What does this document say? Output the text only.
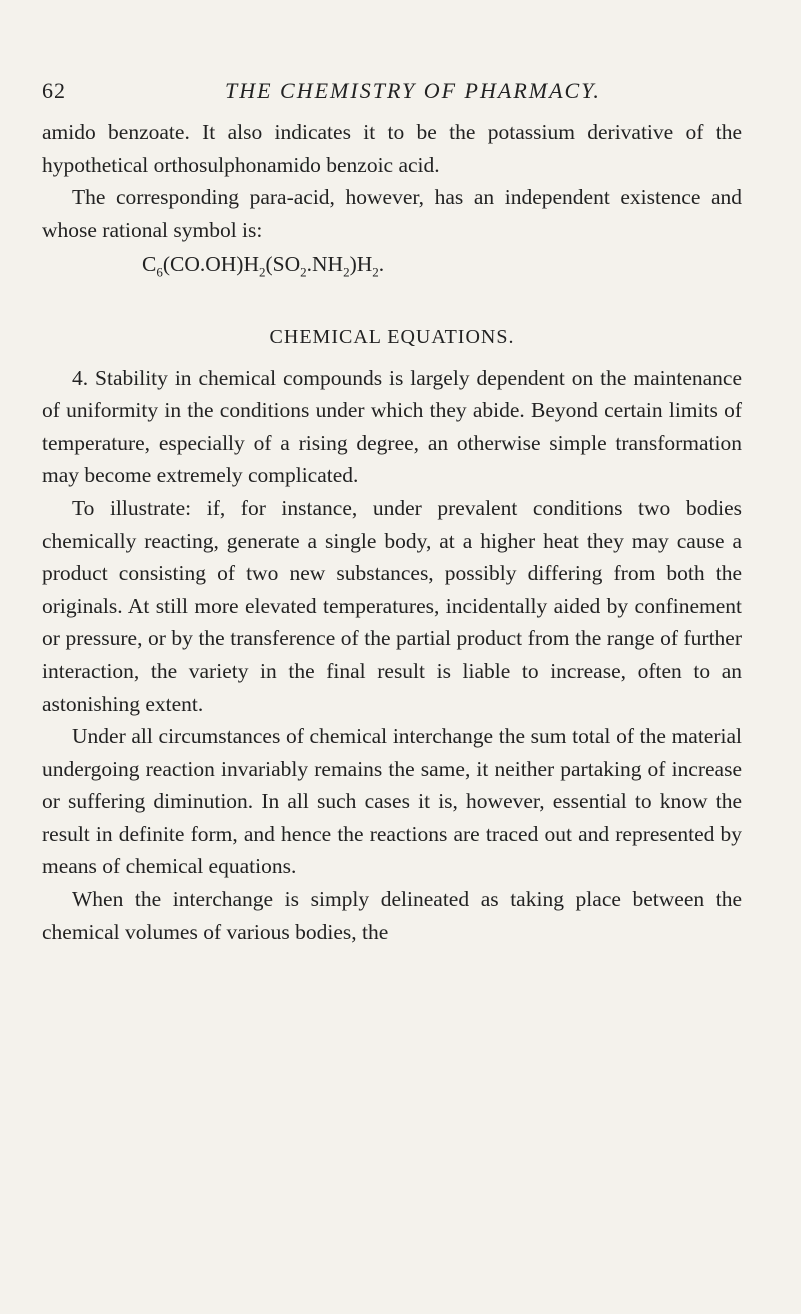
62	THE CHEMISTRY OF PHARMACY.

amido benzoate. It also indicates it to be the potassium derivative of the hypothetical orthosulphonamido benzoic acid.

The corresponding para-acid, however, has an independent existence and whose rational symbol is:

$C_6(CO.OH)H_2(SO_2.NH_2)H_2$.

CHEMICAL EQUATIONS.

4. Stability in chemical compounds is largely dependent on the maintenance of uniformity in the conditions under which they abide. Beyond certain limits of temperature, especially of a rising degree, an otherwise simple transformation may become extremely complicated.

To illustrate: if, for instance, under prevalent conditions two bodies chemically reacting, generate a single body, at a higher heat they may cause a product consisting of two new substances, possibly differing from both the originals. At still more elevated temperatures, incidentally aided by confinement or pressure, or by the transference of the partial product from the range of further interaction, the variety in the final result is liable to increase, often to an astonishing extent.

Under all circumstances of chemical interchange the sum total of the material undergoing reaction invariably remains the same, it neither partaking of increase or suffering diminution. In all such cases it is, however, essential to know the result in definite form, and hence the reactions are traced out and represented by means of chemical equations.

When the interchange is simply delineated as taking place between the chemical volumes of various bodies, the
